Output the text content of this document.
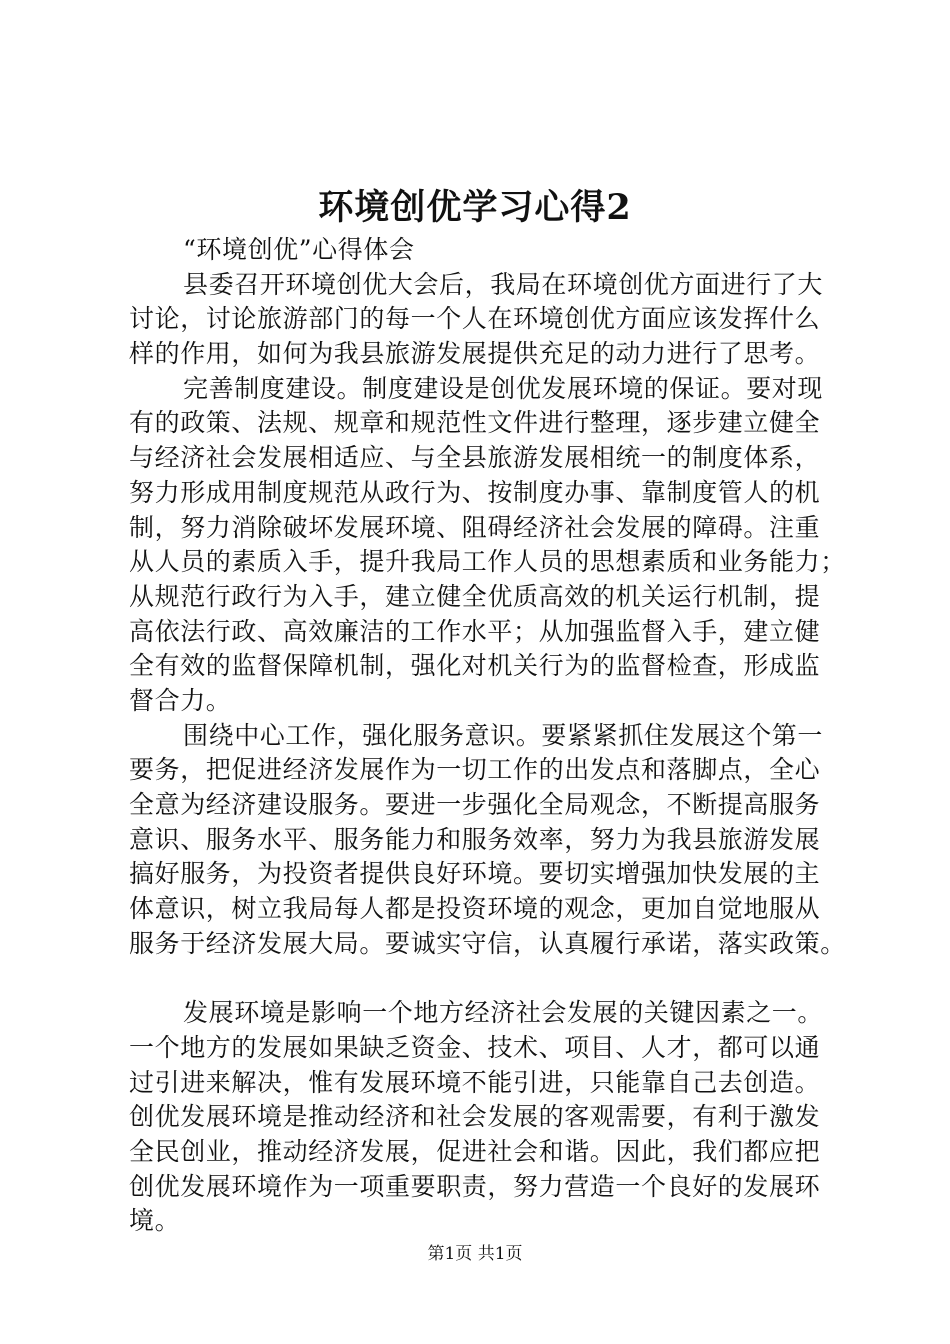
环境创优学习心得2
“环境创优”心得体会
县委召开环境创优大会后，我局在环境创优方面进行了大
讨论，讨论旅游部门的每一个人在环境创优方面应该发挥什么
样的作用，如何为我县旅游发展提供充足的动力进行了思考。
完善制度建设。制度建设是创优发展环境的保证。要对现
有的政策、法规、规章和规范性文件进行整理，逐步建立健全
与经济社会发展相适应、与全县旅游发展相统一的制度体系，
努力形成用制度规范从政行为、按制度办事、靠制度管人的机
制，努力消除破坏发展环境、阻碍经济社会发展的障碍。注重
从人员的素质入手，提升我局工作人员的思想素质和业务能力；
从规范行政行为入手，建立健全优质高效的机关运行机制，提
高依法行政、高效廉洁的工作水平；从加强监督入手，建立健
全有效的监督保障机制，强化对机关行为的监督检查，形成监
督合力。
围绕中心工作，强化服务意识。要紧紧抓住发展这个第一
要务，把促进经济发展作为一切工作的出发点和落脚点，全心
全意为经济建设服务。要进一步强化全局观念，不断提高服务
意识、服务水平、服务能力和服务效率，努力为我县旅游发展
搞好服务，为投资者提供良好环境。要切实增强加快发展的主
体意识，树立我局每人都是投资环境的观念，更加自觉地服从
服务于经济发展大局。要诚实守信，认真履行承诺，落实政策。
发展环境是影响一个地方经济社会发展的关键因素之一。
一个地方的发展如果缺乏资金、技术、项目、人才，都可以通
过引进来解决，惟有发展环境不能引进，只能靠自己去创造。
创优发展环境是推动经济和社会发展的客观需要，有利于激发
全民创业，推动经济发展，促进社会和谐。因此，我们都应把
创优发展环境作为一项重要职责，努力营造一个良好的发展环
境。
第1页 共1页
